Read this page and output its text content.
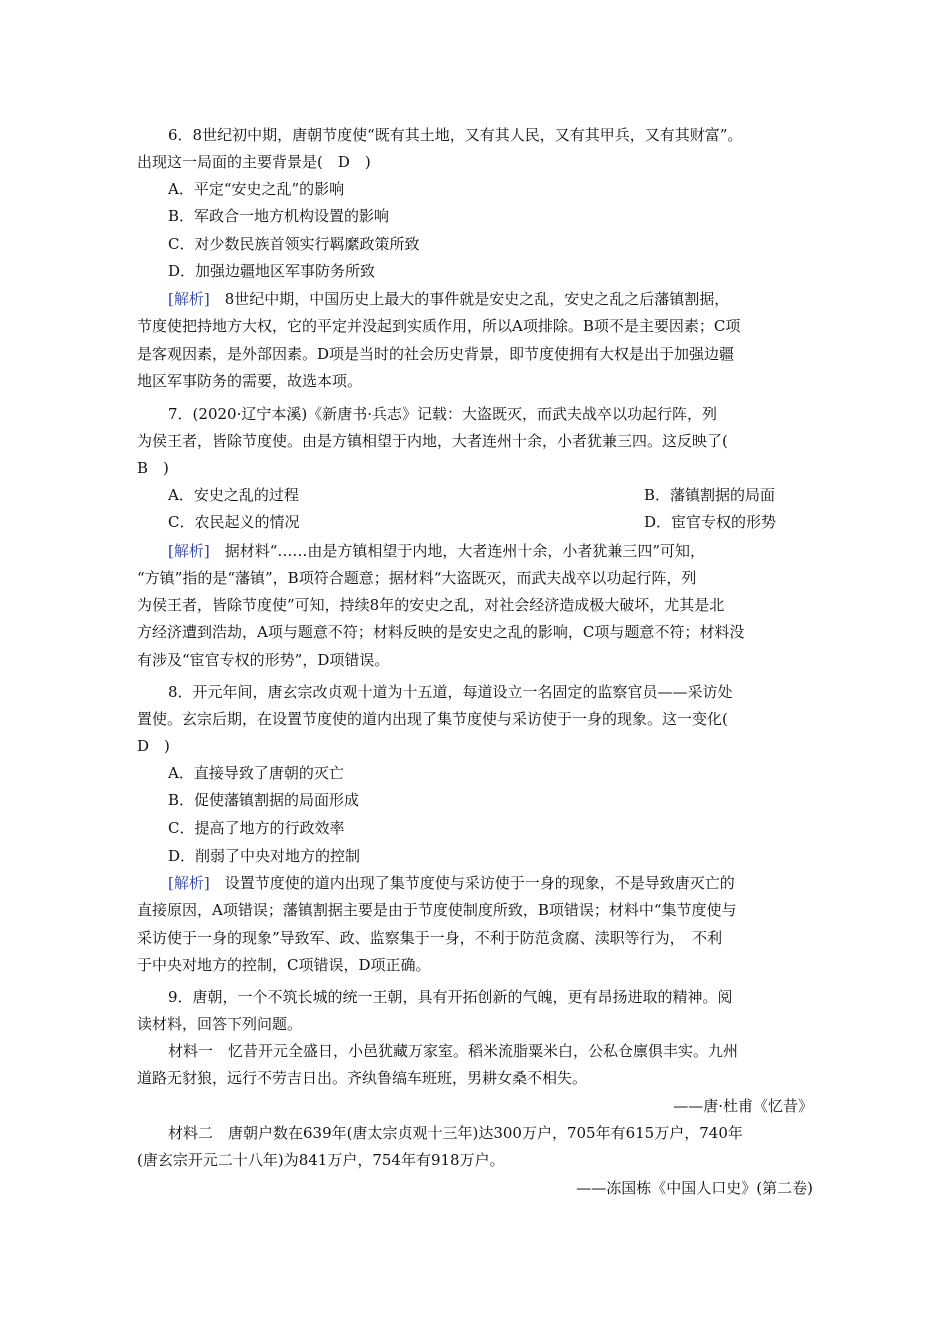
6．8世纪初中期，唐朝节度使“既有其土地，又有其人民，又有其甲兵，又有其财富”。
出现这一局面的主要背景是(　D　)
A．平定“安史之乱”的影响
B．军政合一地方机构设置的影响
C．对少数民族首领实行羁縻政策所致
D．加强边疆地区军事防务所致
[解析]　8世纪中期，中国历史上最大的事件就是安史之乱，安史之乱之后藩镇割据，
节度使把持地方大权，它的平定并没起到实质作用，所以A项排除。B项不是主要因素；C项
是客观因素，是外部因素。D项是当时的社会历史背景，即节度使拥有大权是出于加强边疆
地区军事防务的需要，故选本项。
7．(2020·辽宁本溪)《新唐书·兵志》记载：大盗既灭，而武夫战卒以功起行阵，列
为侯王者，皆除节度使。由是方镇相望于内地，大者连州十余，小者犹兼三四。这反映了(
B　)
A．安史之乱的过程	B．藩镇割据的局面
C．农民起义的情况	D．宦官专权的形势
[解析]　据材料“……由是方镇相望于内地，大者连州十余，小者犹兼三四”可知，
“方镇”指的是“藩镇”，B项符合题意；据材料“大盗既灭，而武夫战卒以功起行阵，列
为侯王者，皆除节度使”可知，持续8年的安史之乱，对社会经济造成极大破坏，尤其是北
方经济遭到浩劫，A项与题意不符；材料反映的是安史之乱的影响，C项与题意不符；材料没
有涉及“宦官专权的形势”，D项错误。
8．开元年间，唐玄宗改贞观十道为十五道，每道设立一名固定的监察官员——采访处
置使。玄宗后期，在设置节度使的道内出现了集节度使与采访使于一身的现象。这一变化(
D　)
A．直接导致了唐朝的灭亡
B．促使藩镇割据的局面形成
C．提高了地方的行政效率
D．削弱了中央对地方的控制
[解析]　设置节度使的道内出现了集节度使与采访使于一身的现象，不是导致唐灭亡的
直接原因，A项错误；藩镇割据主要是由于节度使制度所致，B项错误；材料中“集节度使与
采访使于一身的现象”导致军、政、监察集于一身，不利于防范贪腐、渎职等行为，　不利
于中央对地方的控制，C项错误，D项正确。
9．唐朝，一个不筑长城的统一王朝，具有开拓创新的气魄，更有昂扬进取的精神。阅
读材料，回答下列问题。
材料一　忆昔开元全盛日，小邑犹藏万家室。稻米流脂粟米白，公私仓廪俱丰实。九州
道路无豺狼，远行不劳吉日出。齐纨鲁缟车班班，男耕女桑不相失。
——唐·杜甫《忆昔》
材料二　唐朝户数在639年(唐太宗贞观十三年)达300万户，705年有615万户，740年
(唐玄宗开元二十八年)为841万户，754年有918万户。
——冻国栋《中国人口史》(第二卷)
